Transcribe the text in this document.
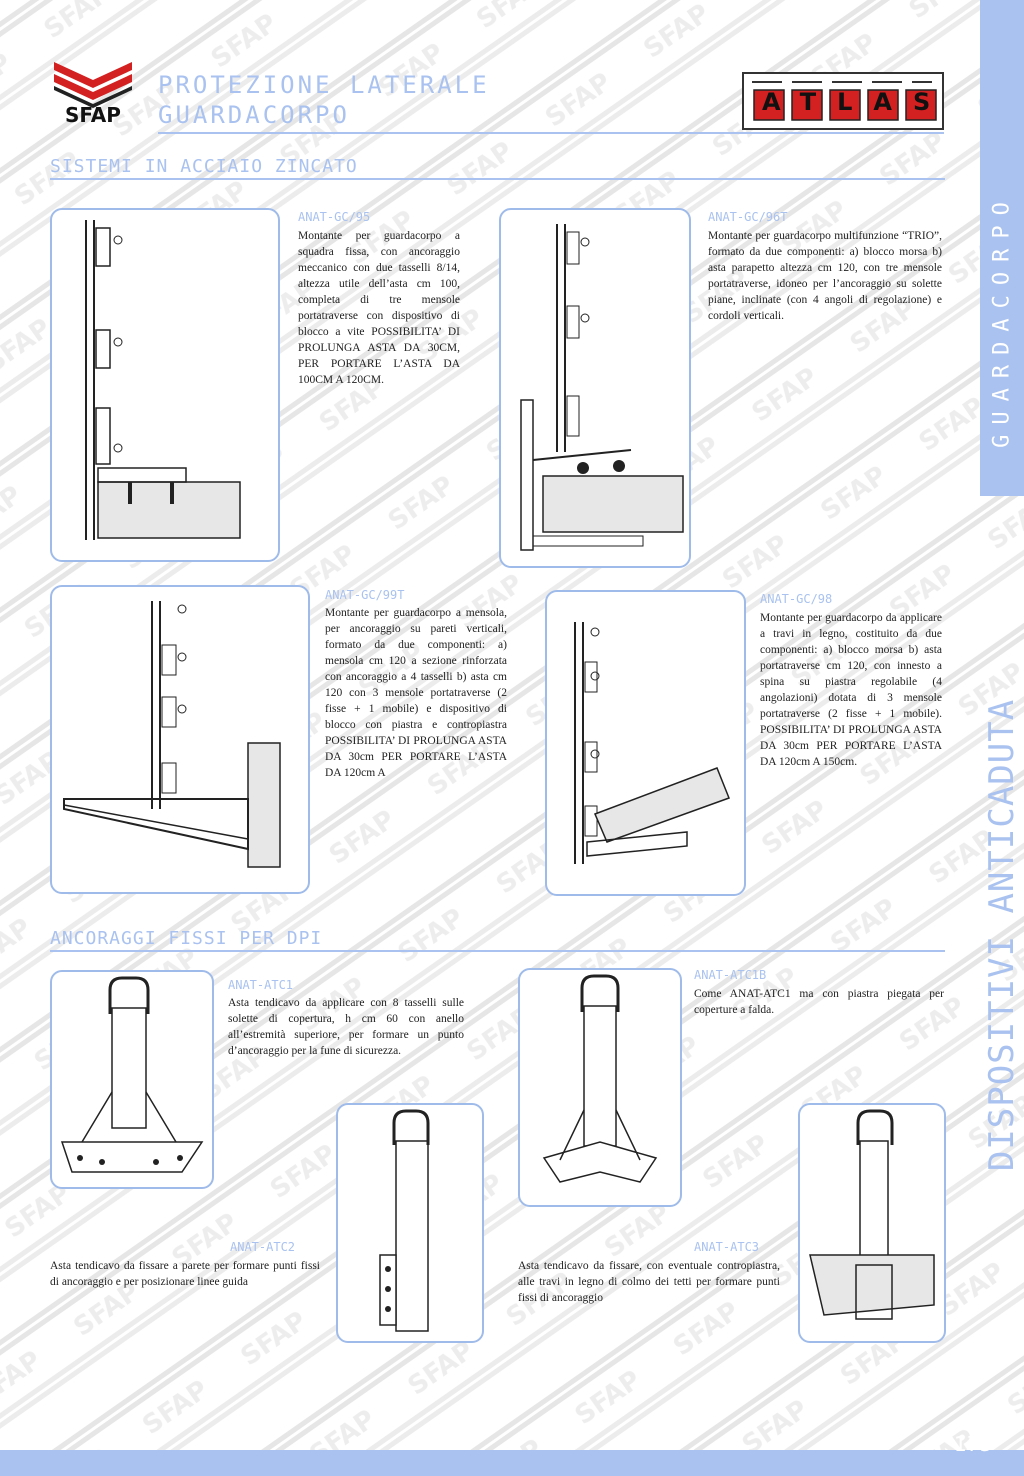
SFAP
PROTEZIONE LATERALE
GUARDACORPO	ATLAS
SISTEMI IN ACCIAIO ZINCATO
ANAT-GC/95
Montante per guardacorpo a squadra fissa, con ancoraggio meccanico con due tasselli 8/14, altezza utile dell’asta cm 100, completa di tre mensole portatraverse con dispositivo di blocco a vite POSSIBILITA’ DI PROLUNGA ASTA DA 30CM, PER PORTARE L’ASTA DA 100CM A 120CM.
ANAT-GC/96T
Montante per guardacorpo multifunzione “TRIO”, formato da due componenti: a) blocco morsa b) asta parapetto altezza cm 120, con tre mensole portatraverse, idoneo per l’ancoraggio su solette piane, inclinate (con 4 angoli di regolazione) e cordoli verticali.
ANAT-GC/99T
Montante per guardacorpo a mensola, per ancoraggio su pareti verticali, formato da due componenti: a) mensola cm 120 a sezione rinforzata con ancoraggio a 4 tasselli b) asta cm 120 con 3 mensole portatraverse (2 fisse + 1 mobile) e dispositivo di blocco con piastra e contropiastra POSSIBILITA’ DI PROLUNGA ASTA DA 30cm PER PORTARE L’ASTA DA 120cm A
ANAT-GC/98
Montante per guardacorpo da applicare a travi in legno, costituito da due componenti: a) blocco morsa b) asta portatraverse cm 120, con innesto a spina su piastra regolabile (4 angolazioni) dotata di 3 mensole portatraverse (2 fisse + 1 mobile). POSSIBILITA’ DI PROLUNGA ASTA DA 30cm PER PORTARE L’ASTA DA 120cm A 150cm.
ANCORAGGI FISSI PER DPI
ANAT-ATC1
Asta tendicavo da applicare con 8 tasselli sulle solette di copertura, h cm 60 con anello all’estremità superiore, per formare un punto d’ancoraggio per la fune di sicurezza.
ANAT-ATC1B
Come ANAT-ATC1 ma con piastra piegata per coperture a falda.
ANAT-ATC2
Asta tendicavo da fissare a parete per formare punti fissi di ancoraggio e per posizionare linee guida
ANAT-ATC3
Asta tendicavo da fissare, con eventuale contropiastra, alle travi in legno di colmo dei tetti per formare punti fissi di ancoraggio
GUARDACORPO
DISPOSITIVI ANTICADUTA
173
